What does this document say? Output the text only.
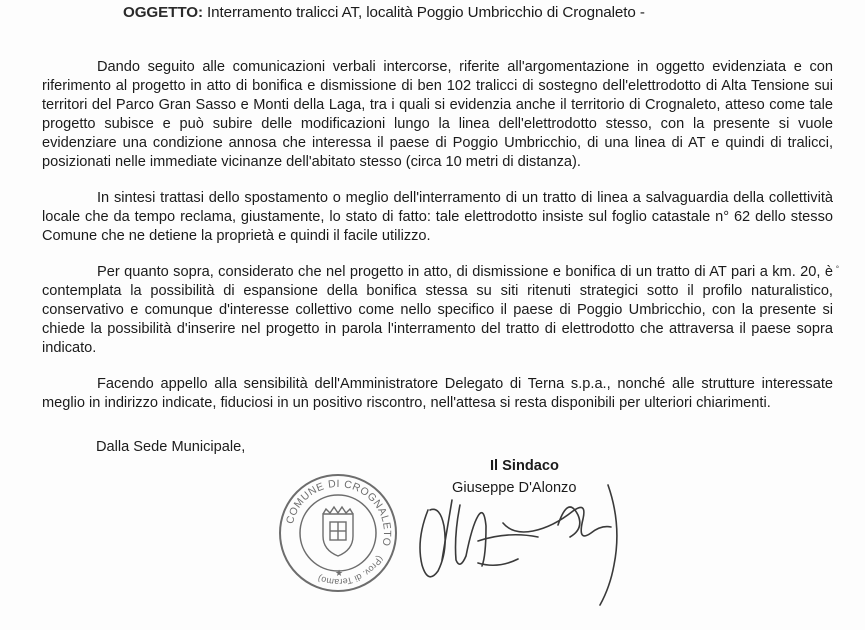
OGGETTO: Interramento tralicci AT, località Poggio Umbricchio di Crognaleto -

Dando seguito alle comunicazioni verbali intercorse, riferite all'argomentazione in oggetto evidenziata e con riferimento al progetto in atto di bonifica e dismissione di ben 102 tralicci di sostegno dell'elettrodotto di Alta Tensione sui territori del Parco Gran Sasso e Monti della Laga, tra i quali si evidenzia anche il territorio di Crognaleto, atteso come tale progetto subisce e può subire delle modificazioni lungo la linea dell'elettrodotto stesso, con la presente si vuole evidenziare una condizione annosa che interessa il paese di Poggio Umbricchio, di una linea di AT e quindi di tralicci, posizionati nelle immediate vicinanze dell'abitato stesso (circa 10 metri di distanza).

In sintesi trattasi dello spostamento o meglio dell'interramento di un tratto di linea a salvaguardia della collettività locale che da tempo reclama, giustamente, lo stato di fatto: tale elettrodotto insiste sul foglio catastale n° 62 dello stesso Comune che ne detiene la proprietà e quindi il facile utilizzo.

Per quanto sopra, considerato che nel progetto in atto, di dismissione e bonifica di un tratto di AT pari a km. 20, è contemplata la possibilità di espansione della bonifica stessa su siti ritenuti strategici sotto il profilo naturalistico, conservativo e comunque d'interesse collettivo come nello specifico il paese di Poggio Umbricchio, con la presente si chiede la possibilità d'inserire nel progetto in parola l'interramento del tratto di elettrodotto che attraversa il paese sopra indicato.

Facendo appello alla sensibilità dell'Amministratore Delegato di Terna s.p.a., nonché alle strutture interessate meglio in indirizzo indicate, fiduciosi in un positivo riscontro, nell'attesa si resta disponibili per ulteriori chiarimenti.

˚
Dalla Sede Municipale,
Il Sindaco
Giuseppe D'Alonzo
COMUNE DI CROGNALETO
(Prov. di Teramo)	★
